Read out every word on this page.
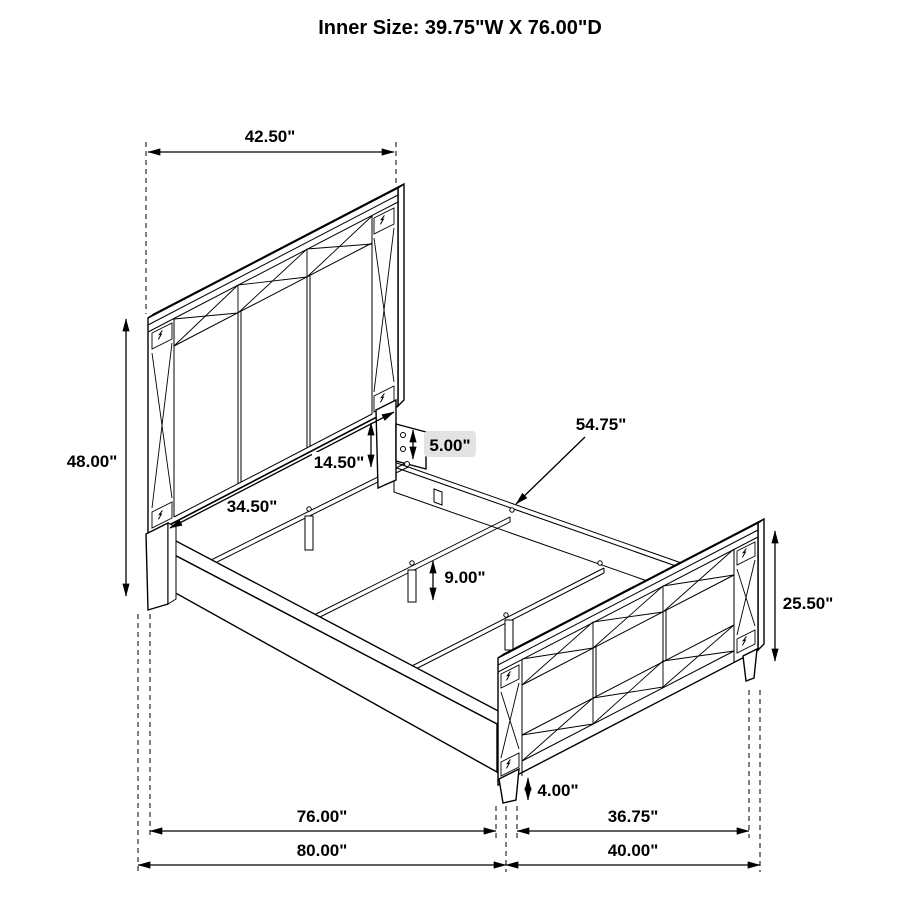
Inner Size: 39.75"W X 76.00"D
42.50"
48.00"
34.50"
14.50"
5.00"
54.75"
9.00"
25.50"
4.00"
76.00"	36.75"
80.00"	40.00"
